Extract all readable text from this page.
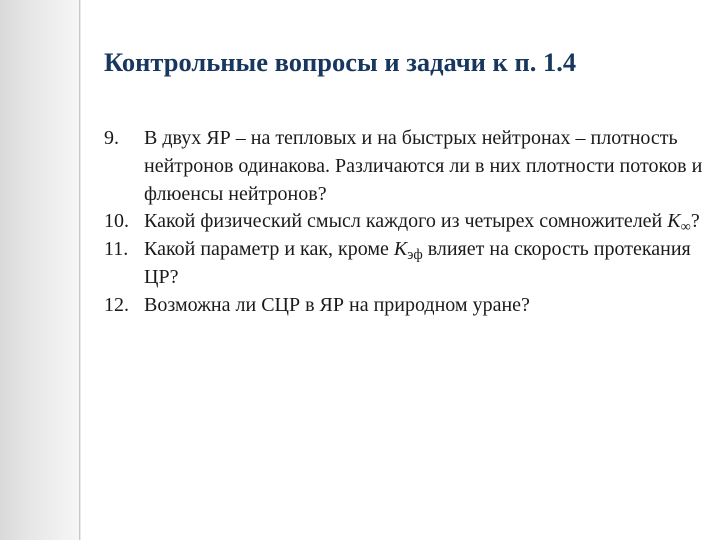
Контрольные вопросы и задачи к п. 1.4
9. В двух ЯР – на тепловых и на быстрых нейтронах – плотность нейтронов одинакова. Различаются ли в них плотности потоков и флюенсы нейтронов?
10. Какой физический смысл каждого из четырех сомножителей $K_\infty$?
11. Какой параметр и как, кроме $K_{эф}$ влияет на скорость протекания ЦР?
12. Возможна ли СЦР в ЯР на природном уране?
